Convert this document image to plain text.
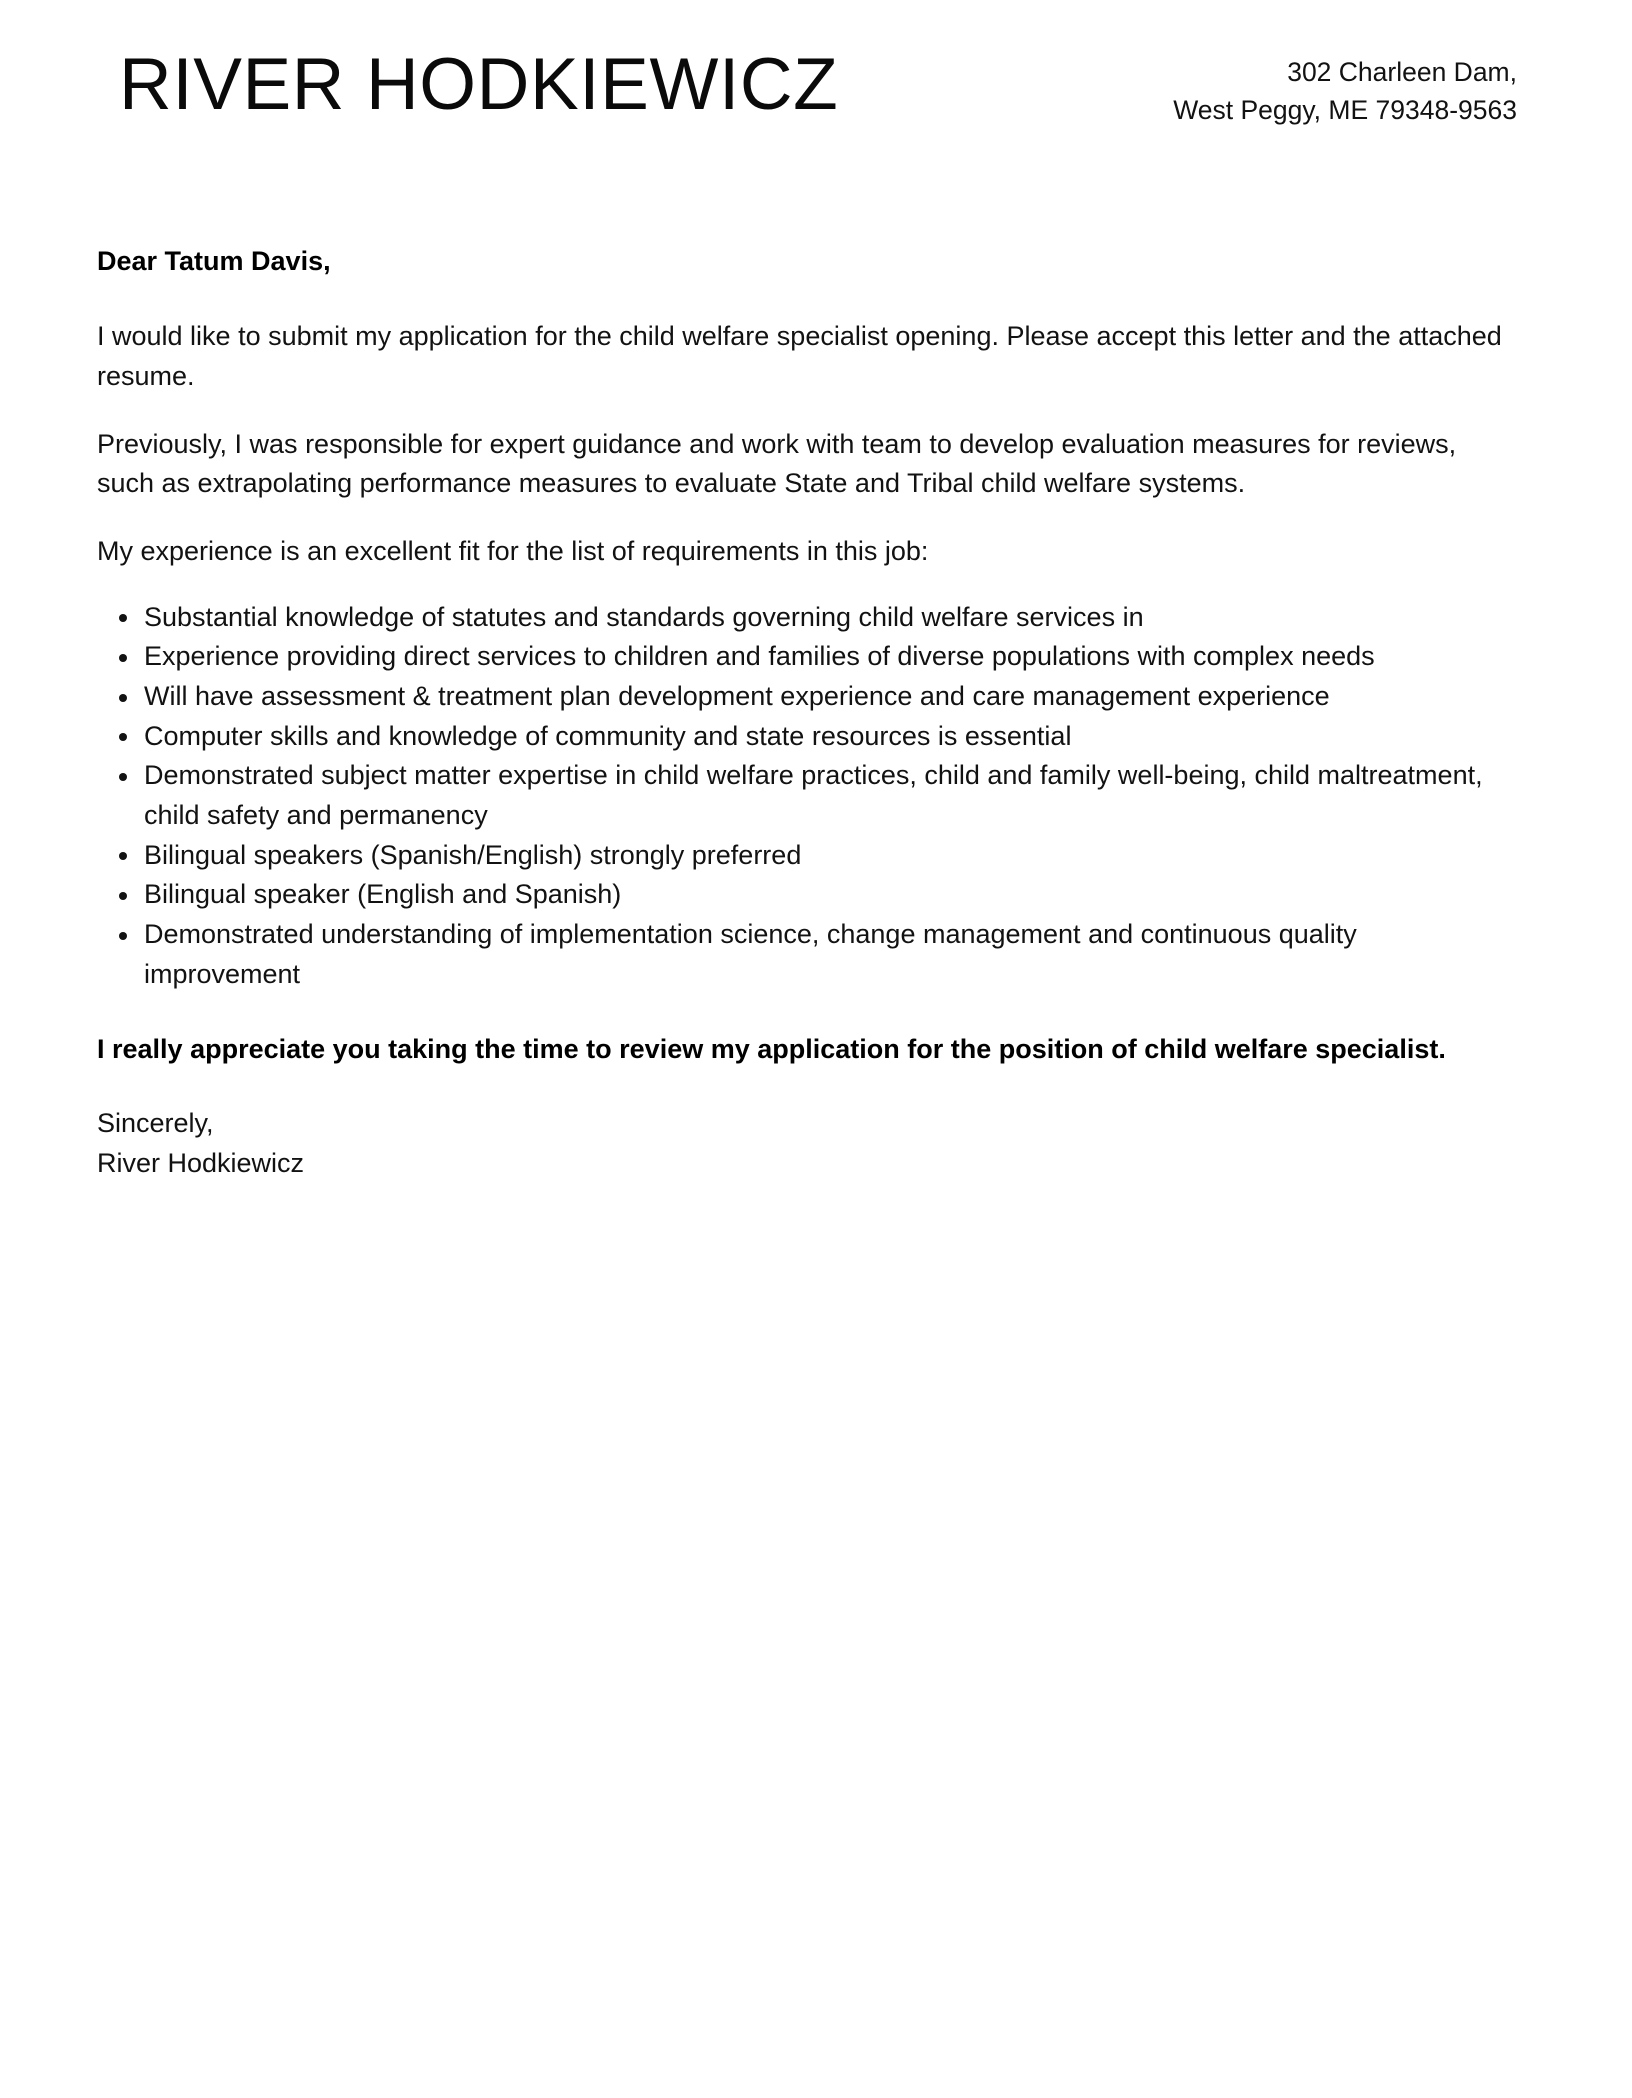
RIVER HODKIEWICZ	302 Charleen Dam,
West Peggy, ME 79348-9563

Dear Tatum Davis,

I would like to submit my application for the child welfare specialist opening. Please accept this letter and the attached resume.

Previously, I was responsible for expert guidance and work with team to develop evaluation measures for reviews, such as extrapolating performance measures to evaluate State and Tribal child welfare systems.

My experience is an excellent fit for the list of requirements in this job:

Substantial knowledge of statutes and standards governing child welfare services in
Experience providing direct services to children and families of diverse populations with complex needs
Will have assessment & treatment plan development experience and care management experience
Computer skills and knowledge of community and state resources is essential
Demonstrated subject matter expertise in child welfare practices, child and family well-being, child maltreatment, child safety and permanency
Bilingual speakers (Spanish/English) strongly preferred
Bilingual speaker (English and Spanish)
Demonstrated understanding of implementation science, change management and continuous quality improvement

I really appreciate you taking the time to review my application for the position of child welfare specialist.

Sincerely,
River Hodkiewicz
